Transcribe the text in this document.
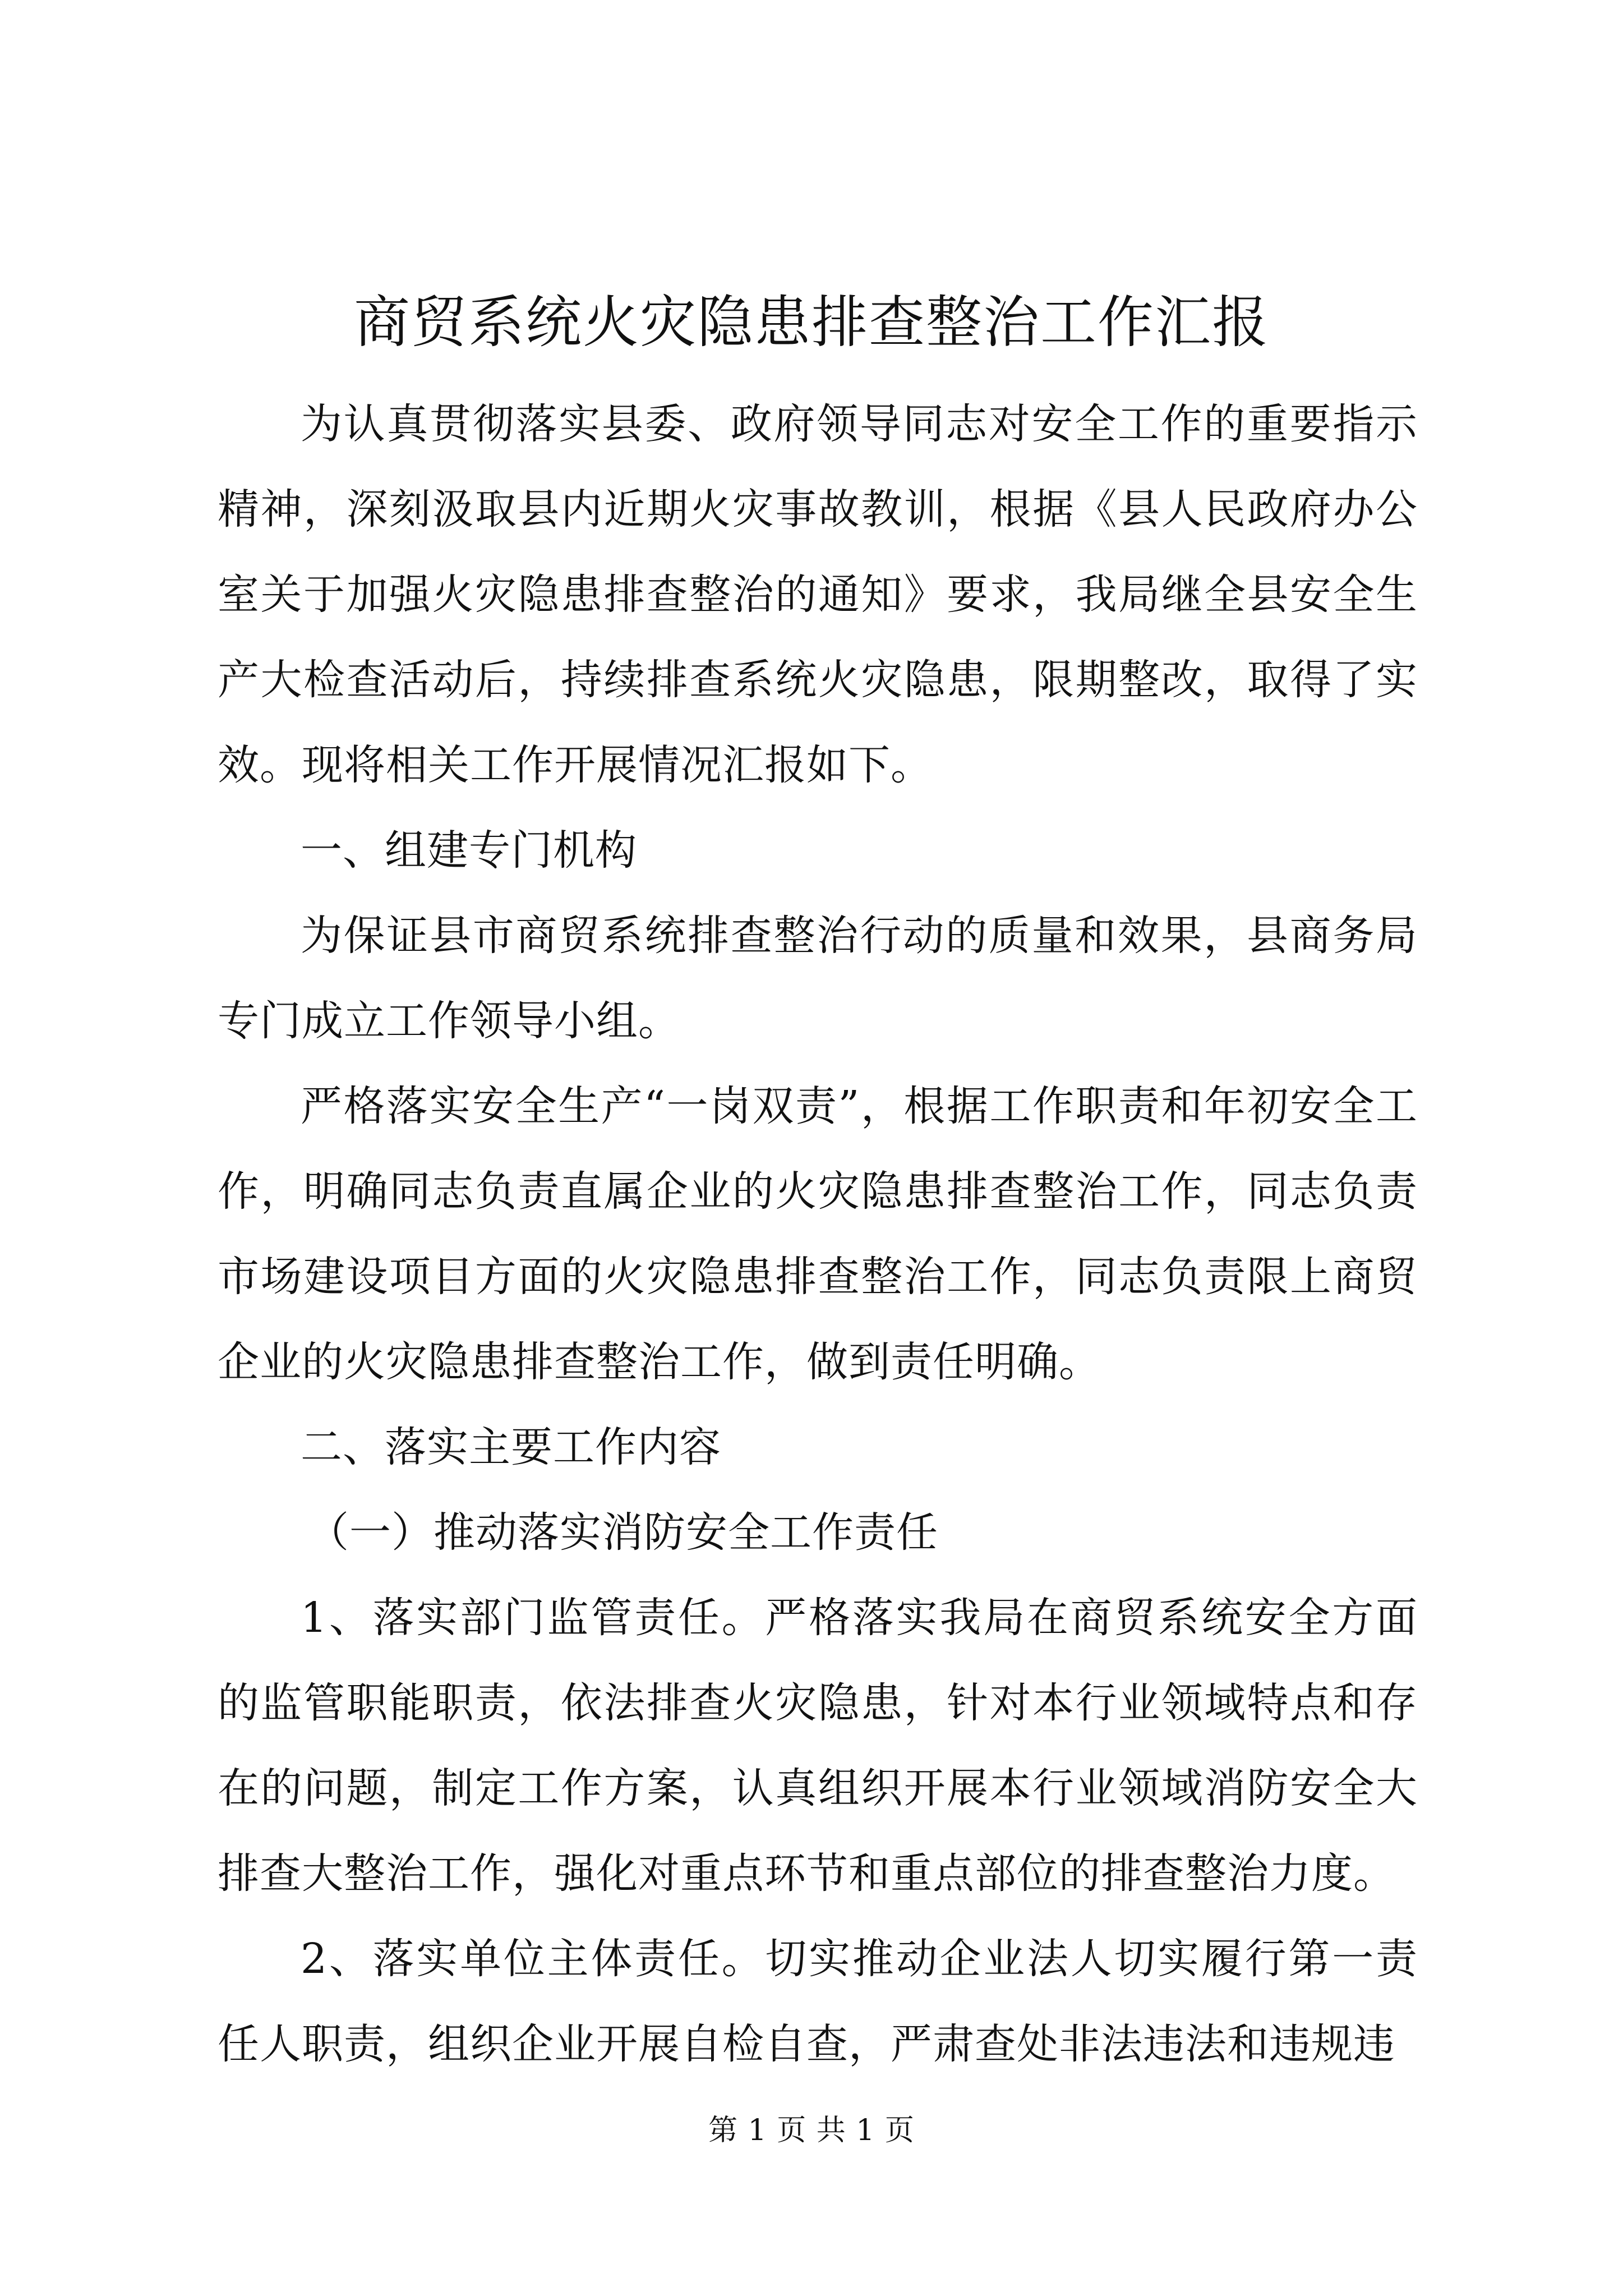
商贸系统火灾隐患排查整治工作汇报

为认真贯彻落实县委、政府领导同志对安全工作的重要指示精神，深刻汲取县内近期火灾事故教训，根据《县人民政府办公室关于加强火灾隐患排查整治的通知》要求，我局继全县安全生产大检查活动后，持续排查系统火灾隐患，限期整改，取得了实效。现将相关工作开展情况汇报如下。

一、组建专门机构

为保证县市商贸系统排查整治行动的质量和效果，县商务局专门成立工作领导小组。

严格落实安全生产“一岗双责”，根据工作职责和年初安全工作，明确同志负责直属企业的火灾隐患排查整治工作，同志负责市场建设项目方面的火灾隐患排查整治工作，同志负责限上商贸企业的火灾隐患排查整治工作，做到责任明确。

二、落实主要工作内容

（一）推动落实消防安全工作责任

1、落实部门监管责任。严格落实我局在商贸系统安全方面的监管职能职责，依法排查火灾隐患，针对本行业领域特点和存在的问题，制定工作方案，认真组织开展本行业领域消防安全大排查大整治工作，强化对重点环节和重点部位的排查整治力度。

2、落实单位主体责任。切实推动企业法人切实履行第一责任人职责，组织企业开展自检自查，严肃查处非法违法和违规违

第 1 页 共 1 页
